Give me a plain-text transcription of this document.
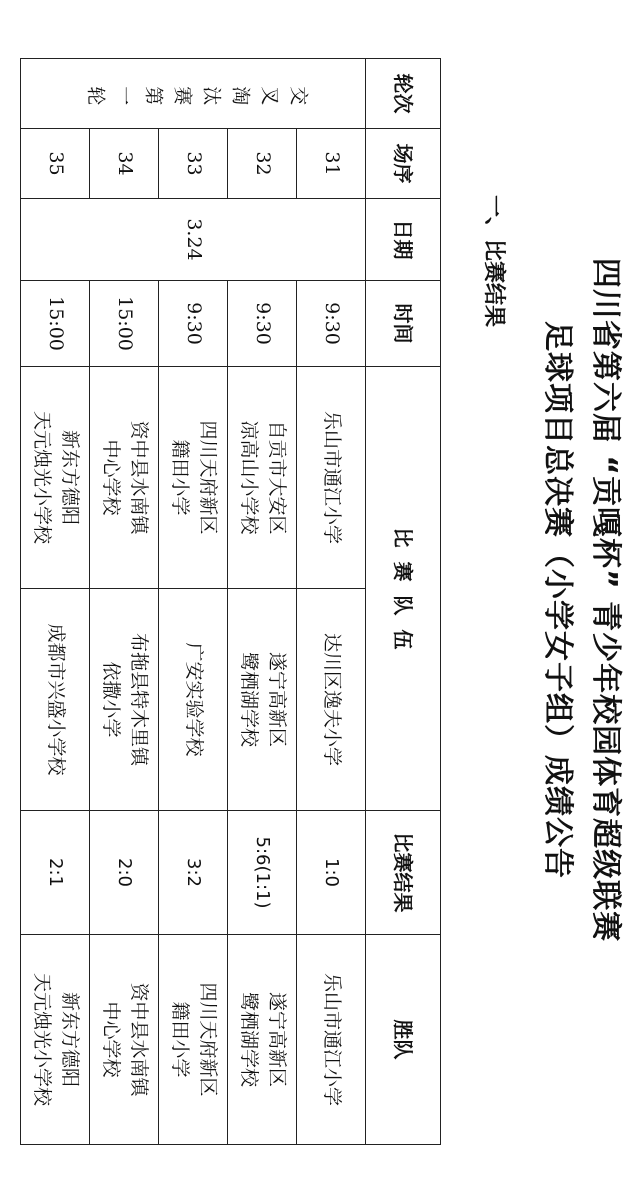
四川省第六届 “贡嘎杯” 青少年校园体育超级联赛
足球项目总决赛（小学女子组）成绩公告
一、比赛结果
轮次	场序	日期	时间	比  赛  队  伍		比赛结果	胜队

交叉淘汰赛第一轮	31	3.24	9:30	乐山市通江小学	达川区逸夫小学	1:0	乐山市通江小学

	32		9:30	自贡市大安区
凉高山小学校	遂宁高新区
鹭栖湖学校	5:6(1:1)	遂宁高新区
鹭栖湖学校

	33		9:30	四川天府新区
籍田小学	广安实验学校	3:2	四川天府新区
籍田小学

	34		15:00	资中县水南镇
中心学校	布拖县特木里镇
依撒小学	2:0	资中县水南镇
中心学校

	35		15:00	新东方德阳
天元烛光小学校	成都市兴盛小学校	2:1	新东方德阳
天元烛光小学校
